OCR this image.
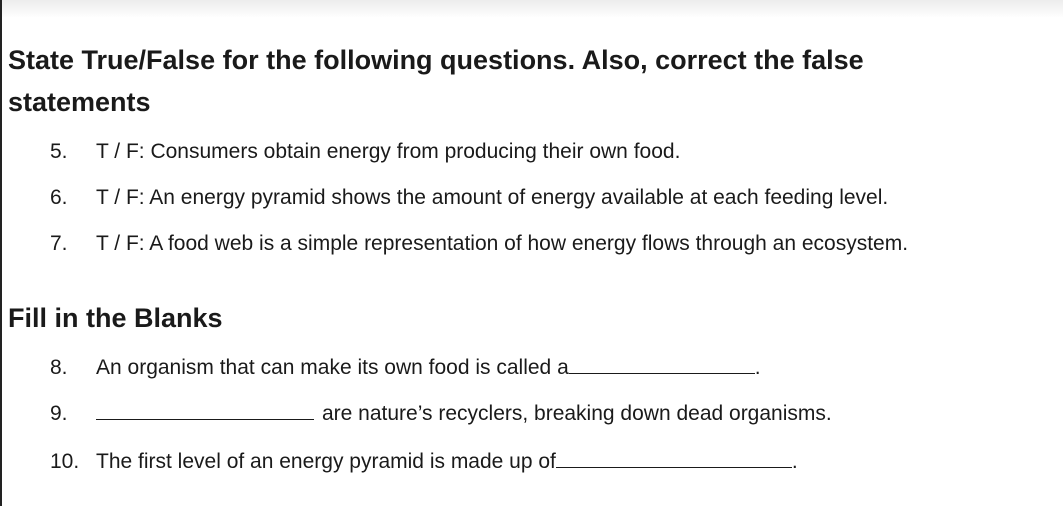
State True/False for the following questions. Also, correct the false
statements
5. T / F: Consumers obtain energy from producing their own food.
6. T / F: An energy pyramid shows the amount of energy available at each feeding level.
7. T / F: A food web is a simple representation of how energy flows through an ecosystem.
Fill in the Blanks
8. An organism that can make its own food is called a	.
9.	are nature’s recyclers, breaking down dead organisms.
10. The first level of an energy pyramid is made up of	.
